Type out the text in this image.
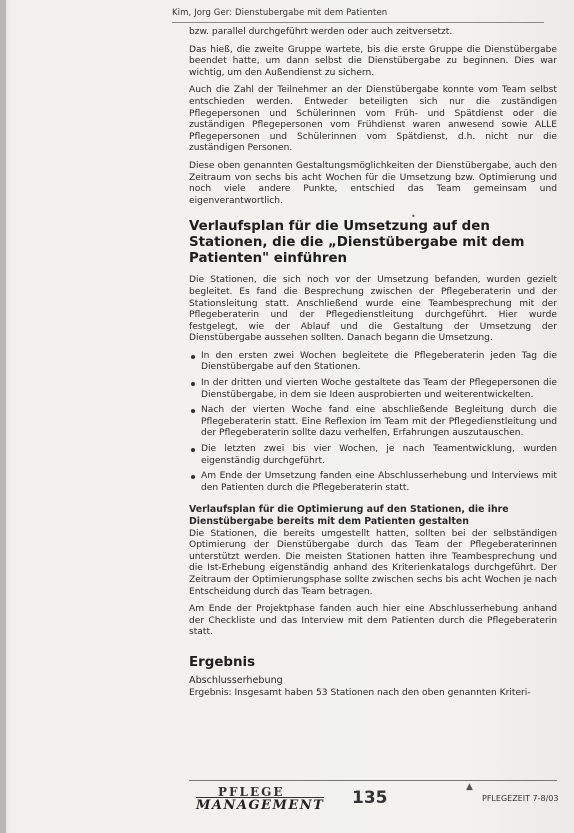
Kim, Jorg Ger: Dienstubergabe mit dem Patienten

bzw. parallel durchgeführt werden oder auch zeitversetzt.

Das hieß, die zweite Gruppe wartete, bis die erste Gruppe die Dienstübergabe beendet hatte, um dann selbst die Dienstübergabe zu beginnen. Dies war wichtig, um den Außendienst zu sichern.

Auch die Zahl der Teilnehmer an der Dienstübergabe konnte vom Team selbst entschieden werden. Entweder beteiligten sich nur die zuständigen Pflegepersonen und Schülerinnen vom Früh- und Spätdienst oder die zuständigen Pflegepersonen vom Frühdienst waren anwesend sowie ALLE Pflegepersonen und Schülerinnen vom Spätdienst, d.h. nicht nur die zuständigen Personen.

Diese oben genannten Gestaltungsmöglichkeiten der Dienstübergabe, auch den Zeitraum von sechs bis acht Wochen für die Umsetzung bzw. Optimierung und noch viele andere Punkte, entschied das Team gemeinsam und eigenverantwortlich.

Verlaufsplan für die Umsetzung auf den Stationen, die die „Dienstübergabe mit dem Patienten" einführen

Die Stationen, die sich noch vor der Umsetzung befanden, wurden gezielt begleitet. Es fand die Besprechung zwischen der Pflegeberaterin und der Stationsleitung statt. Anschließend wurde eine Teambesprechung mit der Pflegeberaterin und der Pflegedienstleitung durchgeführt. Hier wurde festgelegt, wie der Ablauf und die Gestaltung der Umsetzung der Dienstübergabe aussehen sollten. Danach begann die Umsetzung.

In den ersten zwei Wochen begleitete die Pflegeberaterin jeden Tag die Dienstübergabe auf den Stationen.
In der dritten und vierten Woche gestaltete das Team der Pflegepersonen die Dienstübergabe, in dem sie Ideen ausprobierten und weiterentwickelten.
Nach der vierten Woche fand eine abschließende Begleitung durch die Pflegeberaterin statt. Eine Reflexion im Team mit der Pflegedienstleitung und der Pflegeberaterin sollte dazu verhelfen, Erfahrungen auszutauschen.
Die letzten zwei bis vier Wochen, je nach Teamentwicklung, wurden eigenständig durchgeführt.
Am Ende der Umsetzung fanden eine Abschlusserhebung und Interviews mit den Patienten durch die Pflegeberaterin statt.
Verlaufsplan für die Optimierung auf den Stationen, die ihre Dienstübergabe bereits mit dem Patienten gestalten

Die Stationen, die bereits umgestellt hatten, sollten bei der selbständigen Optimierung der Dienstübergabe durch das Team der Pflegeberaterinnen unterstützt werden. Die meisten Stationen hatten ihre Teambesprechung und die Ist-Erhebung eigenständig anhand des Kriterienkatalogs durchgeführt. Der Zeitraum der Optimierungsphase sollte zwischen sechs bis acht Wochen je nach Entscheidung durch das Team betragen.

Am Ende der Projektphase fanden auch hier eine Abschlusserhebung anhand der Checkliste und das Interview mit dem Patienten durch die Pflegeberaterin statt.

Ergebnis
Abschlusserhebung

Ergebnis: Insgesamt haben 53 Stationen nach den oben genannten Kriteri-

•
PFLEGE
MANAGEMENT
▲
135	PFLEGEZEIT 7-8/03
